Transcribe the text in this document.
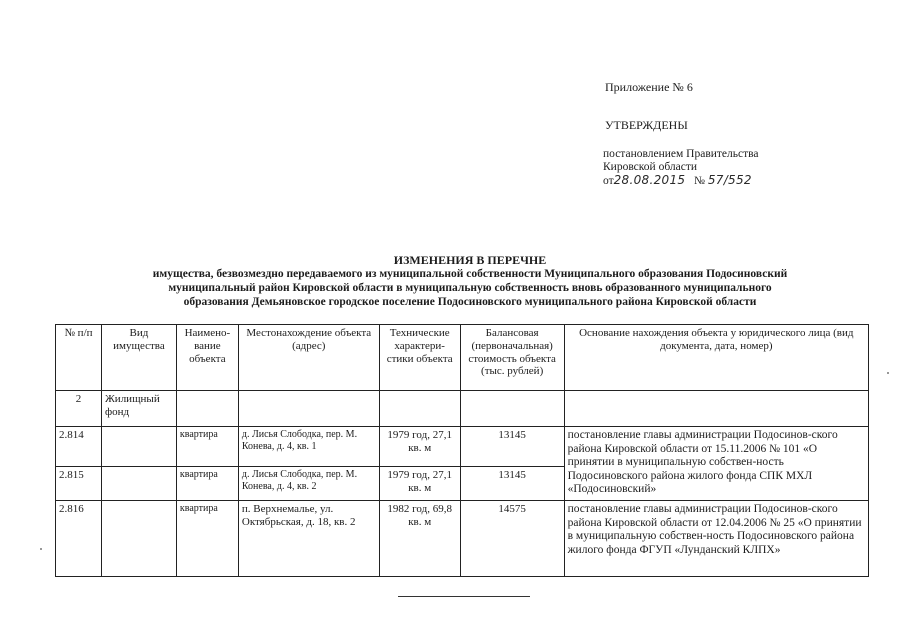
Приложение № 6
УТВЕРЖДЕНЫ
постановлением Правительства
Кировской области
от28.08.2015 № 57/552
ИЗМЕНЕНИЯ В ПЕРЕЧНЕ
имущества, безвозмездно передаваемого из муниципальной собственности Муниципального образования Подосиновский
муниципальный район Кировской области в муниципальную собственность вновь образованного муниципального
образования Демьяновское городское поселение Подосиновского муниципального района Кировской области
№ п/п	Вид имущества	Наимено-вание объекта	Местонахождение объекта (адрес)	Технические характери-стики объекта	Балансовая (первоначальная) стоимость объекта (тыс. рублей)	Основание нахождения объекта у юридического лица (вид документа, дата, номер)
2	Жилищный фонд					
2.814		квартира	д. Лисья Слободка, пер. М. Конева, д. 4, кв. 1	1979 год, 27,1 кв. м	13145	постановление главы администрации Подосинов-ского района Кировской области от 15.11.2006 № 101 «О принятии в муниципальную собствен-ность Подосиновского района жилого фонда СПК МХЛ «Подосиновский»
2.815		квартира	д. Лисья Слободка, пер. М. Конева, д. 4, кв. 2	1979 год, 27,1 кв. м	13145	
2.816		квартира	п. Верхнемалье, ул. Октябрьская, д. 18, кв. 2	1982 год, 69,8 кв. м	14575	постановление главы администрации Подосинов-ского района Кировской области от 12.04.2006 № 25 «О принятии в муниципальную собствен-ность Подосиновского района жилого фонда ФГУП «Лунданский КЛПХ»
